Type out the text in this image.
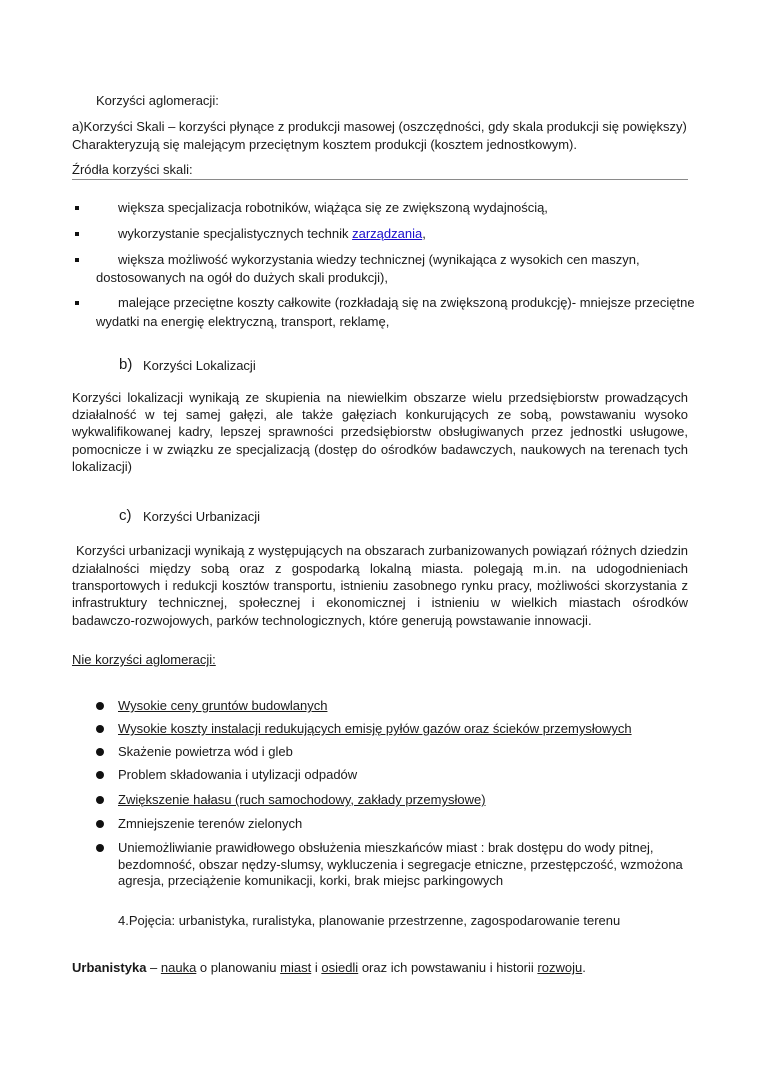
Korzyści aglomeracji:
a)Korzyści Skali – korzyści płynące z produkcji masowej (oszczędności, gdy skala produkcji się powiększy)
Charakteryzują się malejącym przeciętnym kosztem produkcji (kosztem jednostkowym).
Źródła korzyści skali:
większa specjalizacja robotników, wiążąca się ze zwiększoną wydajnością,
wykorzystanie specjalistycznych technik zarządzania,
większa możliwość wykorzystania wiedzy technicznej (wynikająca z wysokich cen maszyn,
dostosowanych na ogół do dużych skali produkcji),
malejące przeciętne koszty całkowite (rozkładają się na zwiększoną produkcję)- mniejsze przeciętne
wydatki na energię elektryczną, transport, reklamę,
b) Korzyści Lokalizacji
Korzyści lokalizacji wynikają ze skupienia na niewielkim obszarze wielu przedsiębiorstw prowadzących
działalność w tej samej gałęzi, ale także gałęziach konkurujących ze sobą, powstawaniu wysoko
wykwalifikowanej kadry, lepszej sprawności przedsiębiorstw obsługiwanych przez jednostki usługowe,
pomocnicze i w związku ze specjalizacją (dostęp do ośrodków badawczych, naukowych na terenach tych
lokalizacji)
c) Korzyści Urbanizacji
Korzyści urbanizacji wynikają z występujących na obszarach zurbanizowanych powiązań różnych dziedzin
działalności między sobą oraz z gospodarką lokalną miasta. polegają m.in. na udogodnieniach
transportowych i redukcji kosztów transportu, istnieniu zasobnego rynku pracy, możliwości skorzystania z
infrastruktury technicznej, społecznej i ekonomicznej i istnieniu w wielkich miastach ośrodków
badawczo-rozwojowych, parków technologicznych, które generują powstawanie innowacji.
Nie korzyści aglomeracji:
Wysokie ceny gruntów budowlanych
Wysokie koszty instalacji redukujących emisję pyłów gazów oraz ścieków przemysłowych
Skażenie powietrza wód i gleb
Problem składowania i utylizacji odpadów
Zwiększenie hałasu (ruch samochodowy, zakłady przemysłowe)
Zmniejszenie terenów zielonych
Uniemożliwianie prawidłowego obsłużenia mieszkańców miast : brak dostępu do wody pitnej,
bezdomność, obszar nędzy-slumsy, wykluczenia i segregacje etniczne, przestępczość, wzmożona
agresja, przeciążenie komunikacji, korki, brak miejsc parkingowych
4.Pojęcia: urbanistyka, ruralistyka, planowanie przestrzenne, zagospodarowanie terenu
Urbanistyka – nauka o planowaniu miast i osiedli oraz ich powstawaniu i historii rozwoju.
